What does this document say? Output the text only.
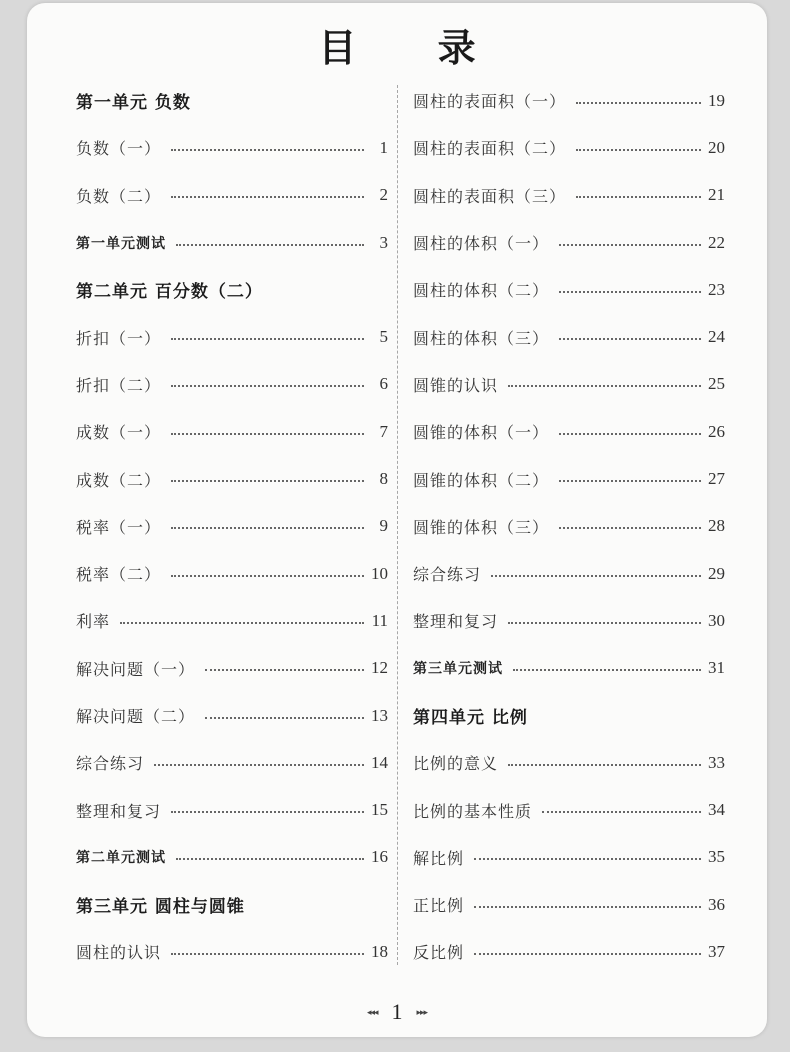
目 录
第一单元 负数
负数（一）	1
负数（二）	2
第一单元测试	3
第二单元 百分数（二）
折扣（一）	5
折扣（二）	6
成数（一）	7
成数（二）	8
税率（一）	9
税率（二）	10
利率	11
解决问题（一）	12
解决问题（二）	13
综合练习	14
整理和复习	15
第二单元测试	16
第三单元 圆柱与圆锥
圆柱的认识	18
圆柱的表面积（一）	19
圆柱的表面积（二）	20
圆柱的表面积（三）	21
圆柱的体积（一）	22
圆柱的体积（二）	23
圆柱的体积（三）	24
圆锥的认识	25
圆锥的体积（一）	26
圆锥的体积（二）	27
圆锥的体积（三）	28
综合练习	29
整理和复习	30
第三单元测试	31
第四单元 比例
比例的意义	33
比例的基本性质	34
解比例	35
正比例	36
反比例	37
◂◂◂ 1 ▸▸▸
